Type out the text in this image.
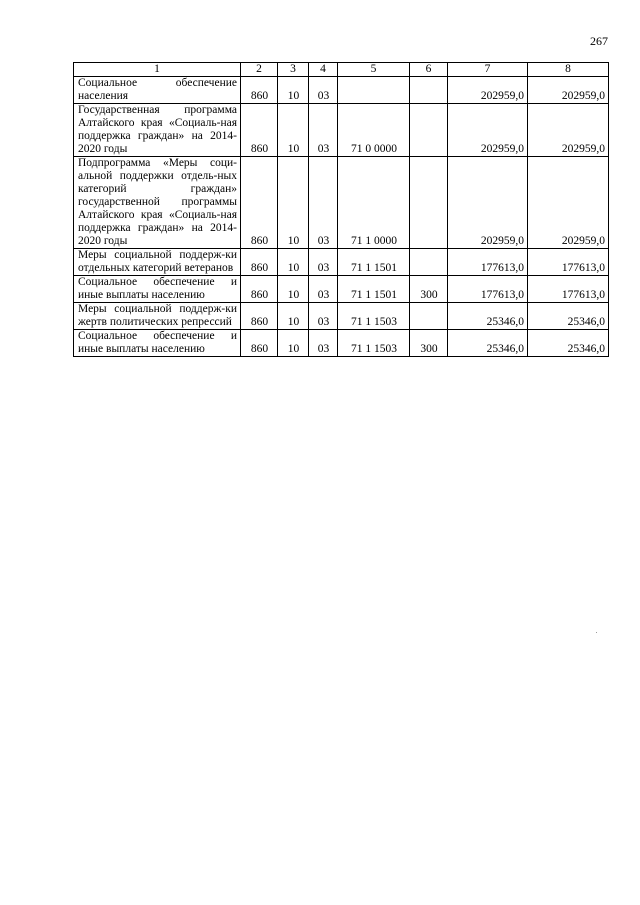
267
1	2	3	4	5	6	7	8
Социальное обеспечение населения	860	10	03			202959,0	202959,0
Государственная программа Алтайского края «Социаль-ная поддержка граждан» на 2014-2020 годы	860	10	03	71 0 0000		202959,0	202959,0
Подпрограмма «Меры соци-альной поддержки отдель-ных категорий граждан» государственной программы Алтайского края «Социаль-ная поддержка граждан» на 2014-2020 годы	860	10	03	71 1 0000		202959,0	202959,0
Меры социальной поддерж-ки отдельных категорий ветеранов	860	10	03	71 1 1501		177613,0	177613,0
Социальное обеспечение и иные выплаты населению	860	10	03	71 1 1501	300	177613,0	177613,0
Меры социальной поддерж-ки жертв политических репрессий	860	10	03	71 1 1503		25346,0	25346,0
Социальное обеспечение и иные выплаты населению	860	10	03	71 1 1503	300	25346,0	25346,0
